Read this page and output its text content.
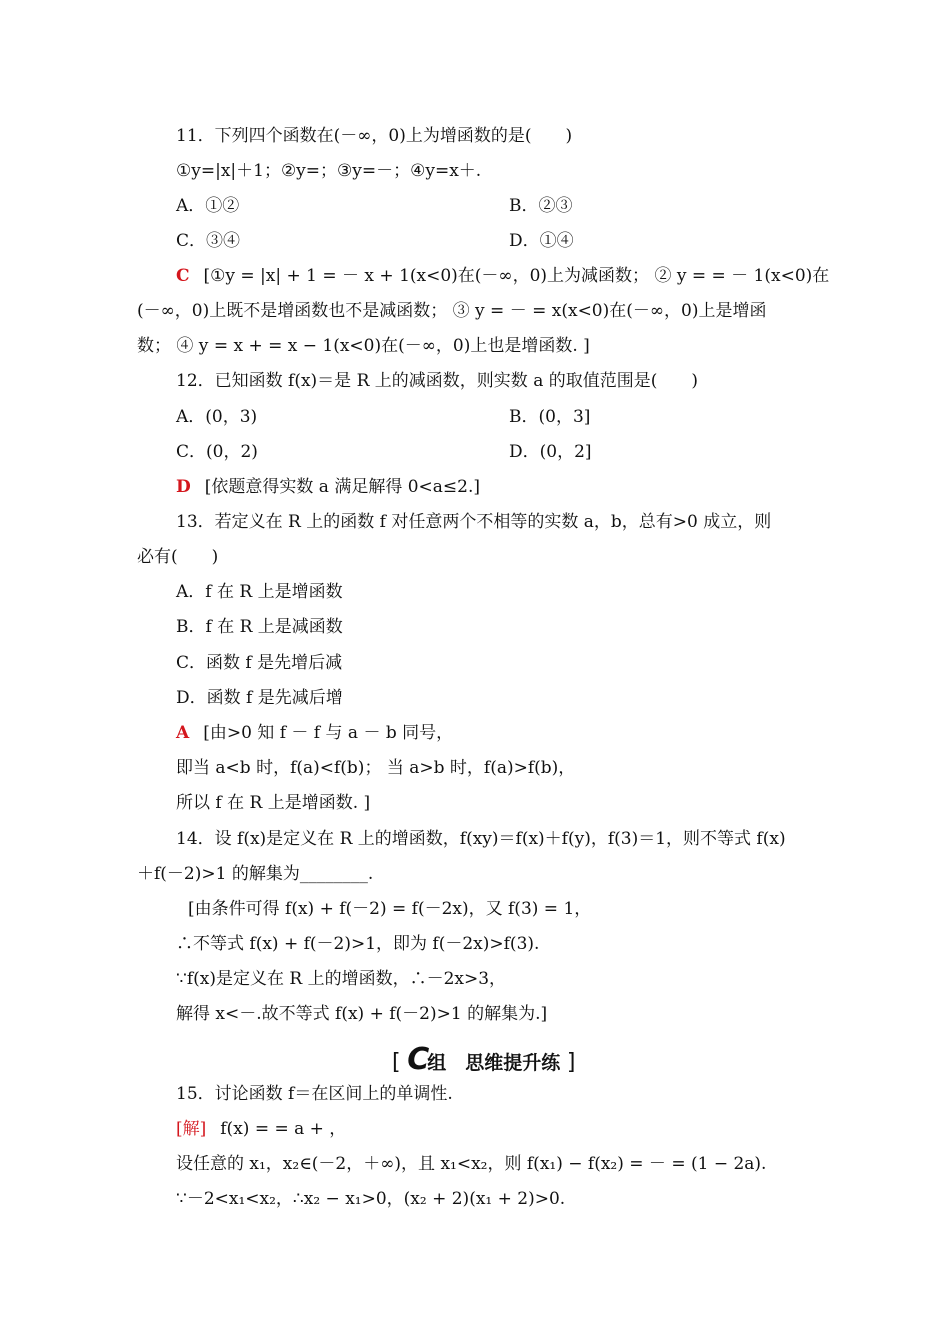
11．下列四个函数在(－∞，0)上为增函数的是(　　)
①y=|x|＋1；②y=；③y=－；④y=x＋.
A．①②	B．②③
C．③④	D．①④
C [①y = |x| + 1 = － x + 1(x<0)在(－∞，0)上为减函数； ② y = = － 1(x<0)在
(－∞，0)上既不是增函数也不是减函数； ③ y = － = x(x<0)在(－∞，0)上是增函
数； ④ y = x + = x − 1(x<0)在(－∞，0)上也是增函数. ]
12．已知函数 f(x)＝是 R 上的减函数，则实数 a 的取值范围是(　　)
A．(0，3)	B．(0，3]
C．(0，2)	D．(0，2]
D [依题意得实数 a 满足解得 0<a≤2.]
13．若定义在 R 上的函数 f 对任意两个不相等的实数 a，b，总有>0 成立，则
必有(　　)
A．f 在 R 上是增函数
B．f 在 R 上是减函数
C．函数 f 是先增后减
D．函数 f 是先减后增
A [由>0 知 f － f 与 a － b 同号，
即当 a<b 时，f(a)<f(b)； 当 a>b 时，f(a)>f(b)，
所以 f 在 R 上是增函数. ]
14．设 f(x)是定义在 R 上的增函数，f(xy)＝f(x)＋f(y)，f(3)＝1，则不等式 f(x)
＋f(－2)>1 的解集为________.
[由条件可得 f(x) + f(－2) = f(－2x)，又 f(3) = 1，
∴不等式 f(x) + f(－2)>1，即为 f(－2x)>f(3).
∵f(x)是定义在 R 上的增函数，∴－2x>3，
解得 x<－.故不等式 f(x) + f(－2)>1 的解集为.]
[ C组　思维提升练 ]
15．讨论函数 f＝在区间上的单调性.
[解] f(x) = = a + ，
设任意的 x₁，x₂∈(－2，＋∞)，且 x₁<x₂，则 f(x₁) − f(x₂) = － = (1 − 2a).
∵－2<x₁<x₂，∴x₂ − x₁>0，(x₂ + 2)(x₁ + 2)>0.
